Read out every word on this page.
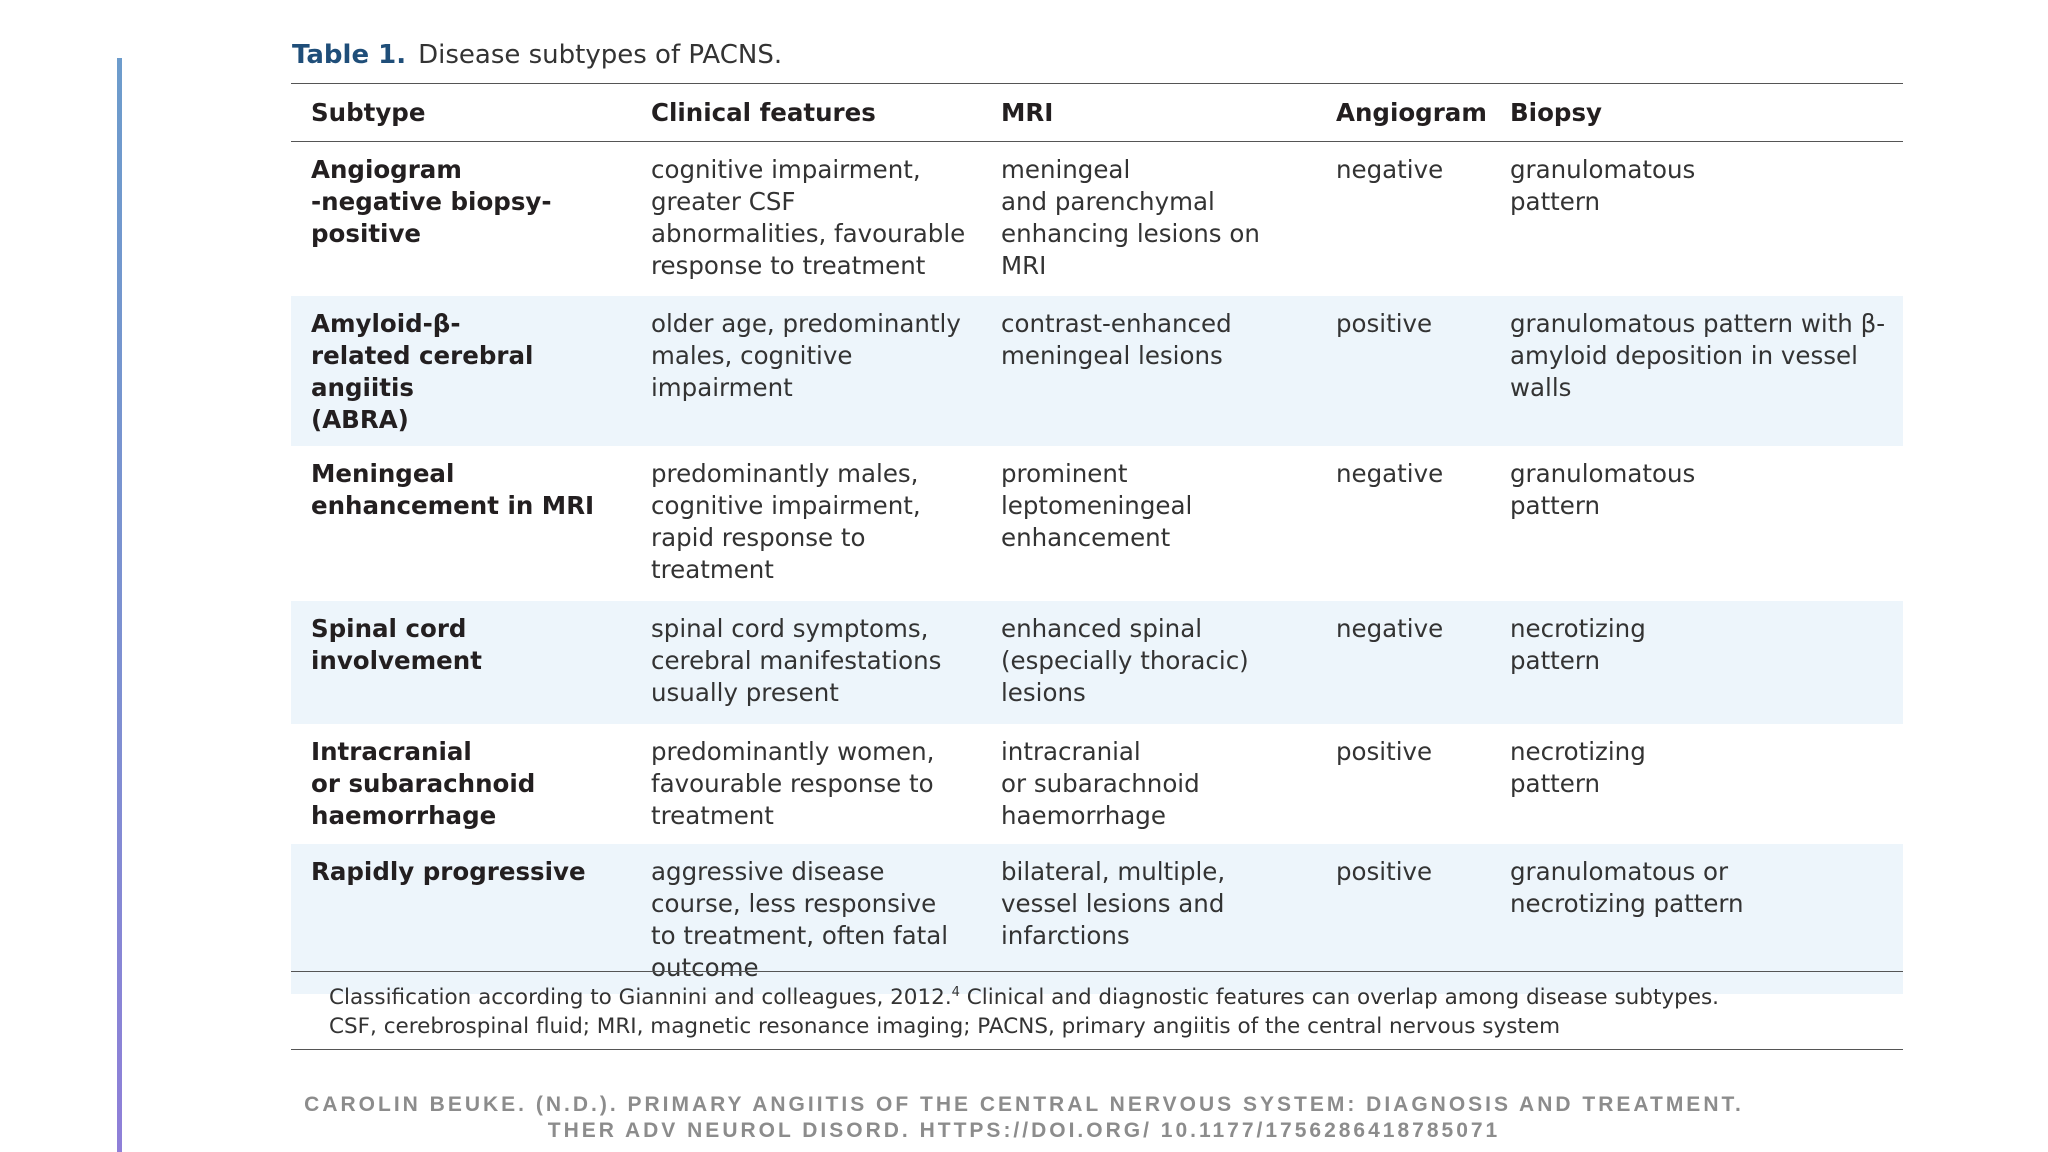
Table 1. Disease subtypes of PACNS.
Subtype	Clinical features	MRI	Angiogram	Biopsy
Angiogram
-negative biopsy-
positive	cognitive impairment,
greater CSF
abnormalities, favourable
response to treatment	meningeal
and parenchymal
enhancing lesions on
MRI	negative	granulomatous
pattern
Amyloid-β-
related cerebral angiitis
(ABRA)	older age, predominantly
males, cognitive
impairment	contrast-enhanced
meningeal lesions	positive	granulomatous pattern with β-
amyloid deposition in vessel
walls
Meningeal
enhancement in MRI	predominantly males,
cognitive impairment,
rapid response to
treatment	prominent
leptomeningeal
enhancement	negative	granulomatous
pattern
Spinal cord
involvement	spinal cord symptoms,
cerebral manifestations
usually present	enhanced spinal
(especially thoracic)
lesions	negative	necrotizing
pattern
Intracranial
or subarachnoid
haemorrhage	predominantly women,
favourable response to
treatment	intracranial
or subarachnoid
haemorrhage	positive	necrotizing
pattern
Rapidly progressive	aggressive disease
course, less responsive
to treatment, often fatal
outcome	bilateral, multiple,
vessel lesions and
infarctions	positive	granulomatous or
necrotizing pattern
Classification according to Giannini and colleagues, 2012.$^4$ Clinical and diagnostic features can overlap among disease subtypes.
CSF, cerebrospinal fluid; MRI, magnetic resonance imaging; PACNS, primary angiitis of the central nervous system
CAROLIN BEUKE. (N.D.). PRIMARY ANGIITIS OF THE CENTRAL NERVOUS SYSTEM: DIAGNOSIS AND TREATMENT.
THER ADV NEUROL DISORD. HTTPS://DOI.ORG/ 10.1177/1756286418785071
